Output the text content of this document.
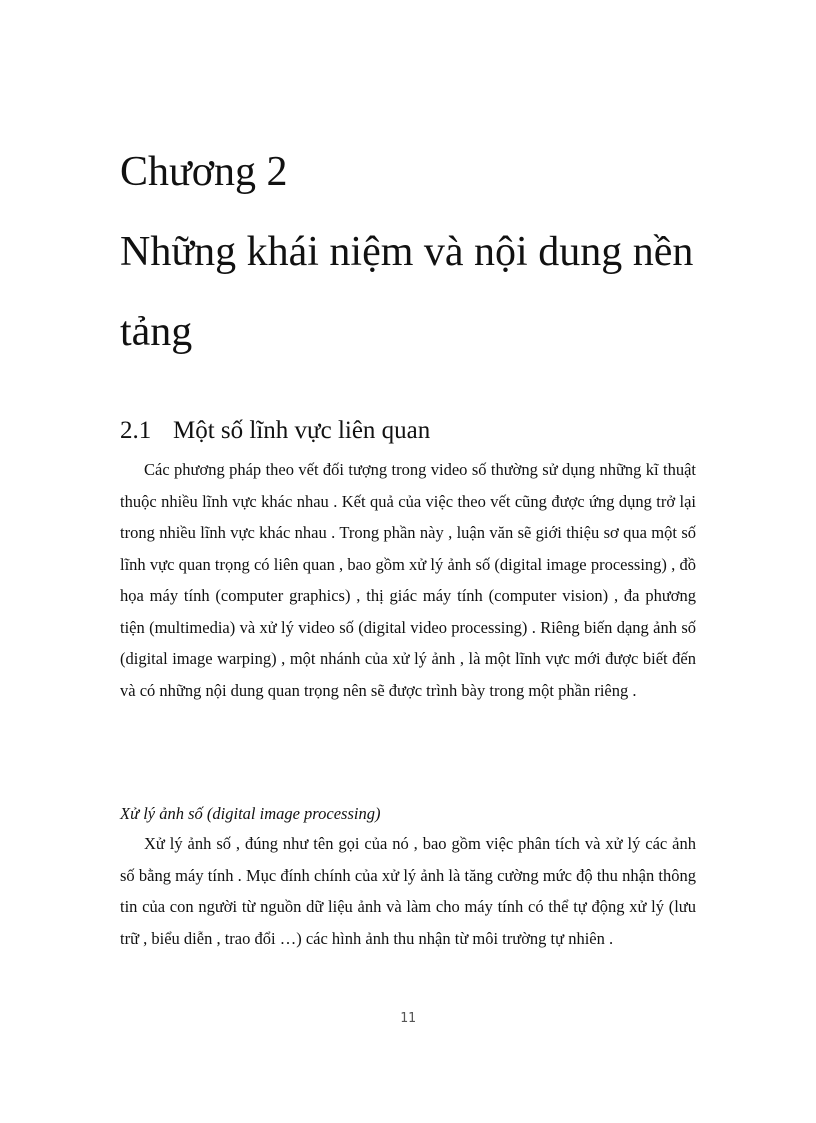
Chương 2
Những khái niệm và nội dung nền tảng
2.1 Một số lĩnh vực liên quan

Các phương pháp theo vết đối tượng trong video số thường sử dụng những kĩ thuật thuộc nhiều lĩnh vực khác nhau . Kết quả của việc theo vết cũng được ứng dụng trở lại trong nhiều lĩnh vực khác nhau . Trong phần này , luận văn sẽ giới thiệu sơ qua một số lĩnh vực quan trọng có liên quan , bao gồm xử lý ảnh số (digital image processing) , đồ họa máy tính (computer graphics) , thị giác máy tính (computer vision) , đa phương tiện (multimedia) và xử lý video số (digital video processing) . Riêng biến dạng ảnh số (digital image warping) , một nhánh của xử lý ảnh , là một lĩnh vực mới được biết đến và có những nội dung quan trọng nên sẽ được trình bày trong một phần riêng .

Xử lý ảnh số (digital image processing)

Xử lý ảnh số , đúng như tên gọi của nó , bao gồm việc phân tích và xử lý các ảnh số bằng máy tính . Mục đính chính của xử lý ảnh là tăng cường mức độ thu nhận thông tin của con người từ nguồn dữ liệu ảnh và làm cho máy tính có thể tự động xử lý (lưu trữ , biểu diễn , trao đổi …) các hình ảnh thu nhận từ môi trường tự nhiên .

11
